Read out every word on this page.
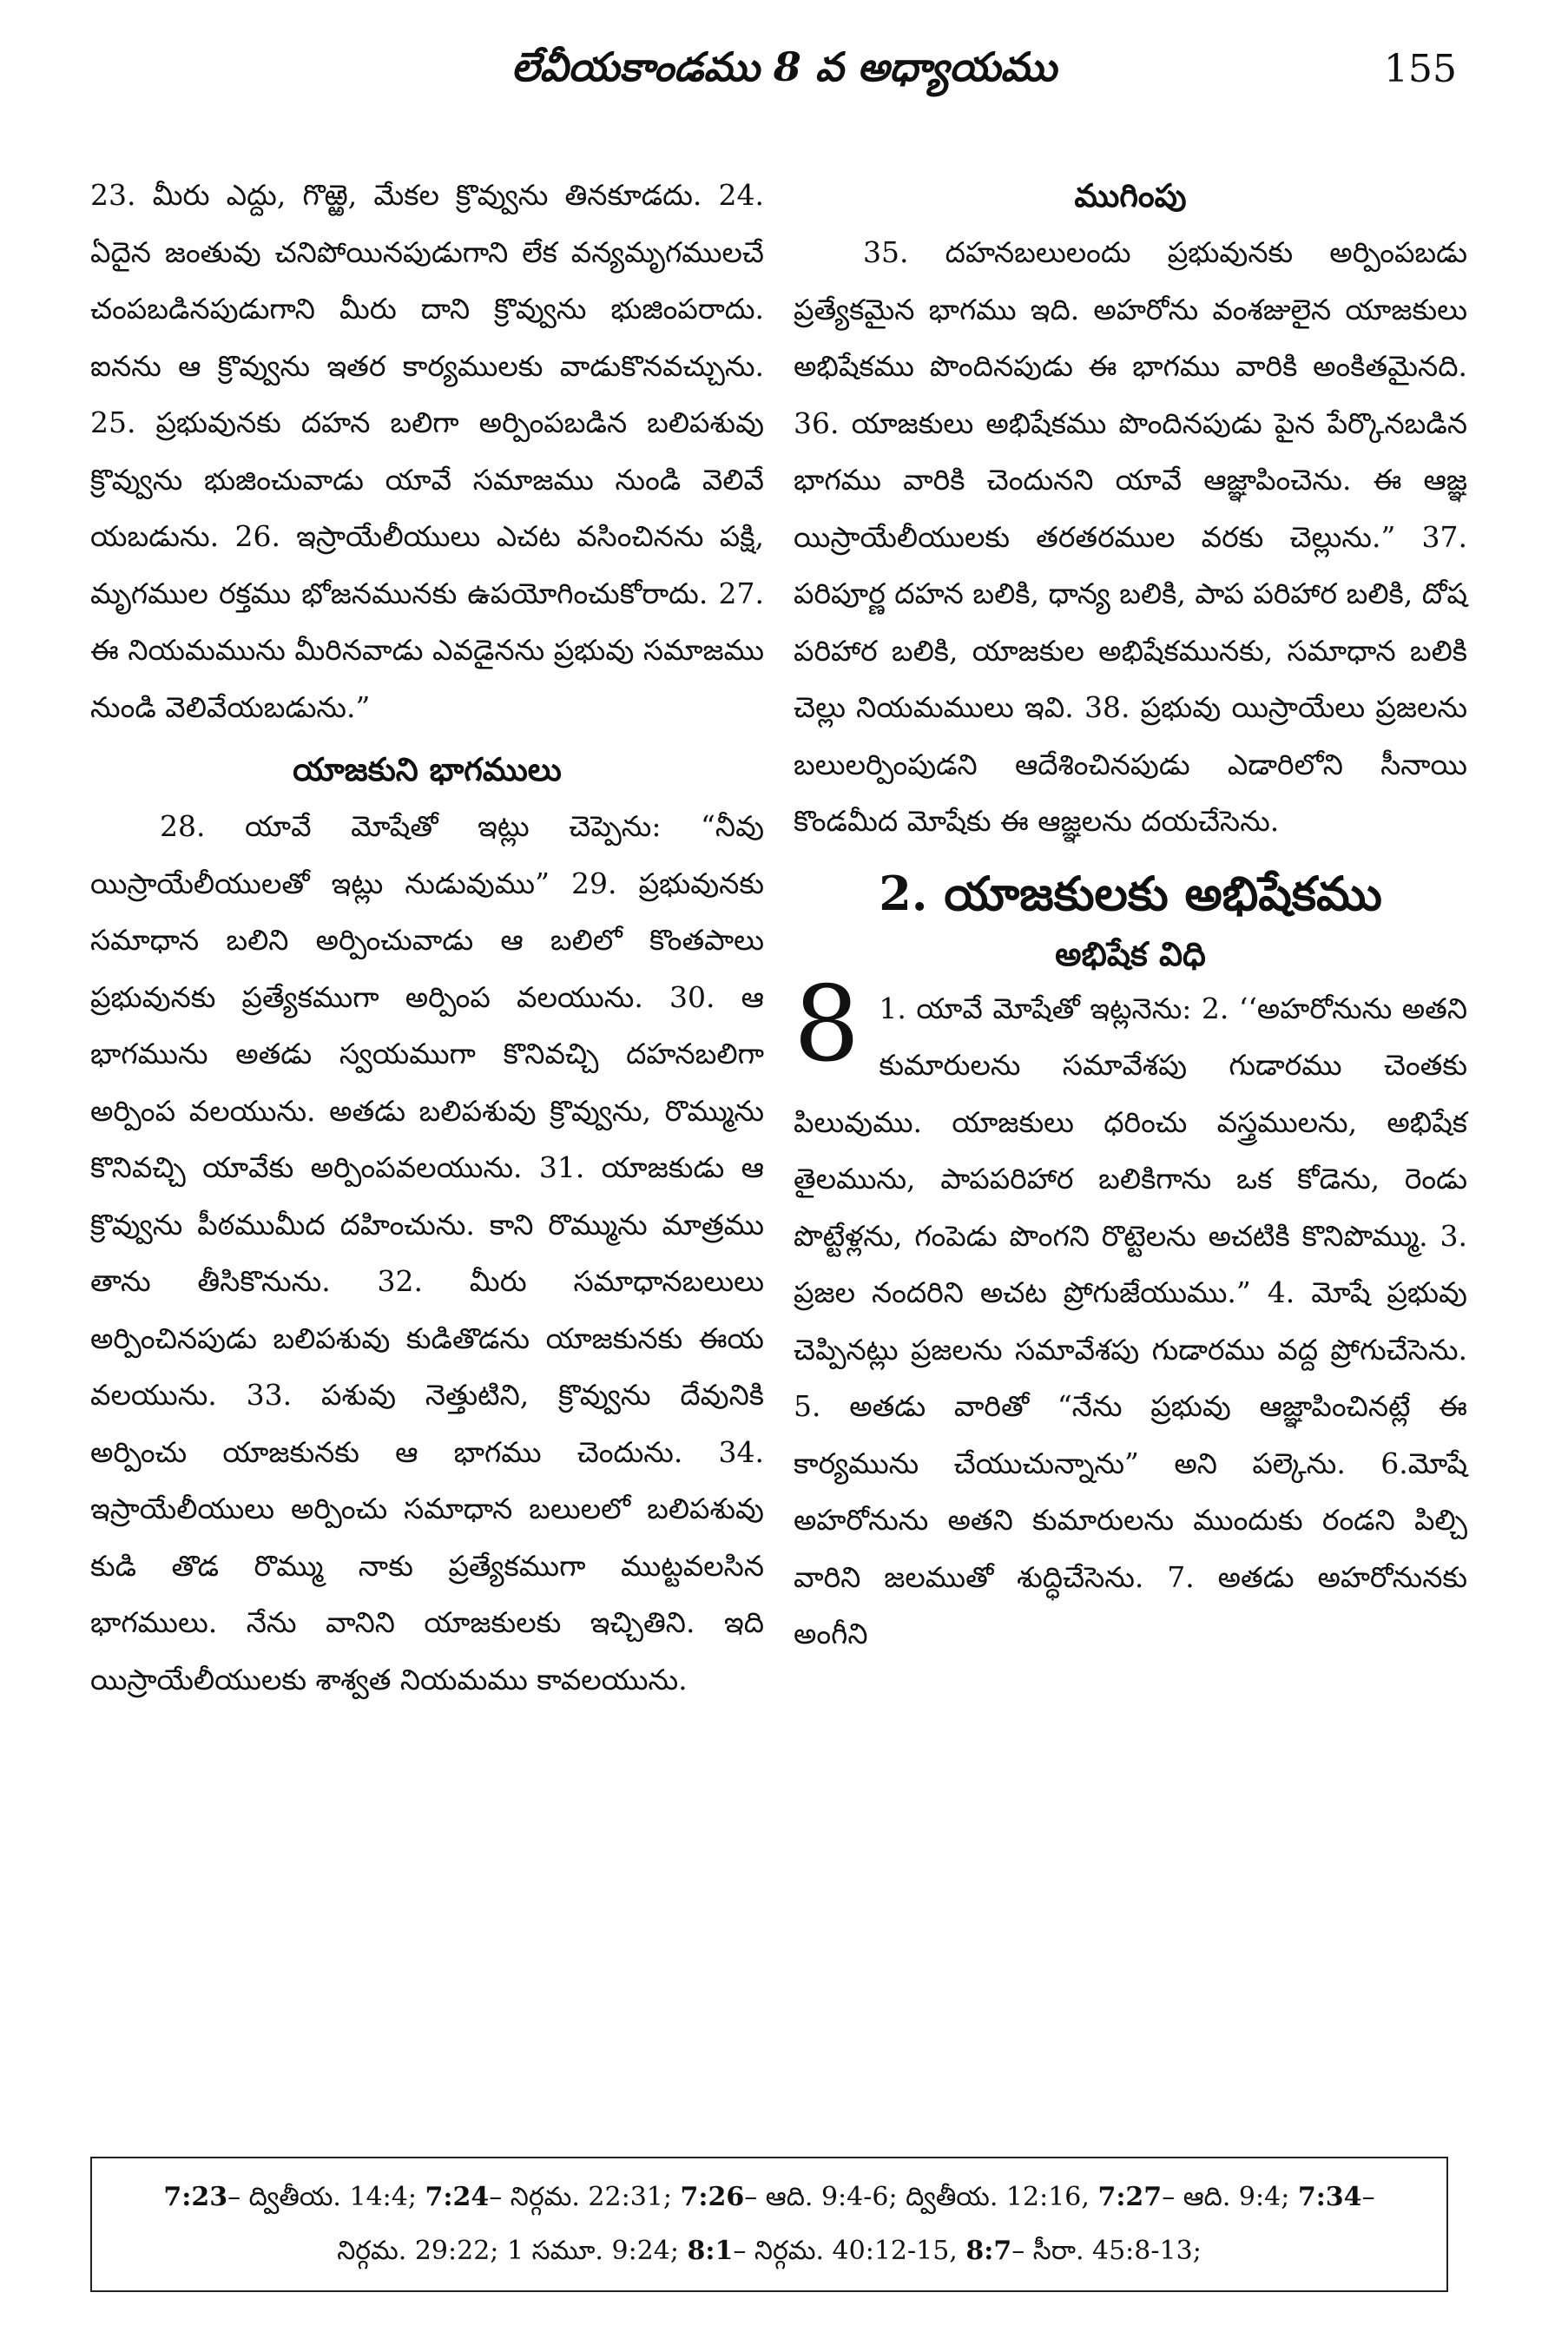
లేవీయకాండము 8 వ అధ్యాయము	155

23. మీరు ఎద్దు, గొఱ్ఱె, మేకల క్రొవ్వును తినకూడదు. 24. ఏదైన జంతువు చనిపోయినపుడుగాని లేక వన్యమృగములచే చంపబడినపుడుగాని మీరు దాని క్రొవ్వును భుజింపరాదు. ఐనను ఆ క్రొవ్వును ఇతర కార్యములకు వాడుకొనవచ్చును. 25. ప్రభువునకు దహన బలిగా అర్పింపబడిన బలిపశువు క్రొవ్వును భుజించువాడు యావే సమాజము నుండి వెలివే యబడును. 26. ఇస్రాయేలీయులు ఎచట వసించినను పక్షి, మృగముల రక్తము భోజనమునకు ఉపయోగించుకోరాదు. 27. ఈ నియమమును మీరినవాడు ఎవడైనను ప్రభువు సమాజము నుండి వెలివేయబడును.”

యాజకుని భాగములు

28. యావే మోషేతో ఇట్లు చెప్పెను: “నీవు యిస్రాయేలీయులతో ఇట్లు నుడువుము” 29. ప్రభువునకు సమాధాన బలిని అర్పించువాడు ఆ బలిలో కొంతపాలు ప్రభువునకు ప్రత్యేకముగా అర్పింప వలయును. 30. ఆ భాగమును అతడు స్వయముగా కొనివచ్చి దహనబలిగా అర్పింప వలయును. అతడు బలిపశువు క్రొవ్వును, రొమ్మును కొనివచ్చి యావేకు అర్పింపవలయును. 31. యాజకుడు ఆ క్రొవ్వును పీఠముమీద దహించును. కాని రొమ్మును మాత్రము తాను తీసికొనును. 32. మీరు సమాధానబలులు అర్పించినపుడు బలిపశువు కుడితొడను యాజకునకు ఈయ వలయును. 33. పశువు నెత్తుటిని, క్రొవ్వును దేవునికి అర్పించు యాజకునకు ఆ భాగము చెందును. 34. ఇస్రాయేలీయులు అర్పించు సమాధాన బలులలో బలిపశువు కుడి తొడ రొమ్ము నాకు ప్రత్యేకముగా ముట్టవలసిన భాగములు. నేను వానిని యాజకులకు ఇచ్చితిని. ఇది యిస్రాయేలీయులకు శాశ్వత నియమము కావలయును.

ముగింపు

35. దహనబలులందు ప్రభువునకు అర్పింపబడు ప్రత్యేకమైన భాగము ఇది. అహరోను వంశజులైన యాజకులు అభిషేకము పొందినపుడు ఈ భాగము వారికి అంకితమైనది. 36. యాజకులు అభిషేకము పొందినపుడు పైన పేర్కొనబడిన భాగము వారికి చెందునని యావే ఆజ్ఞాపించెను. ఈ ఆజ్ఞ యిస్రాయేలీయులకు తరతరముల వరకు చెల్లును.” 37. పరిపూర్ణ దహన బలికి, ధాన్య బలికి, పాప పరిహార బలికి, దోష పరిహార బలికి, యాజకుల అభిషేకమునకు, సమాధాన బలికి చెల్లు నియమములు ఇవి. 38. ప్రభువు యిస్రాయేలు ప్రజలను బలులర్పింపుడని ఆదేశించినపుడు ఎడారిలోని సీనాయి కొండమీద మోషేకు ఈ ఆజ్ఞలను దయచేసెను.

2. యాజకులకు అభిషేకము
అభిషేక విధి

8 1. యావే మోషేతో ఇట్లనెను: 2. ‘‘అహరోనును అతని కుమారులను సమావేశపు గుడారము చెంతకు పిలువుము. యాజకులు ధరించు వస్త్రములను, అభిషేక తైలమును, పాపపరిహార బలికిగాను ఒక కోడెను, రెండు పొట్టేళ్లను, గంపెడు పొంగని రొట్టెలను అచటికి కొనిపొమ్ము. 3. ప్రజల నందరిని అచట ప్రోగుజేయుము.” 4. మోషే ప్రభువు చెప్పినట్లు ప్రజలను సమావేశపు గుడారము వద్ద ప్రోగుచేసెను. 5. అతడు వారితో “నేను ప్రభువు ఆజ్ఞాపించినట్లే ఈ కార్యమును చేయుచున్నాను” అని పల్కెను. 6.మోషే అహరోనును అతని కుమారులను ముందుకు రండని పిల్చి వారిని జలముతో శుద్ధిచేసెను. 7. అతడు అహరోనునకు అంగీని

7:23– ద్వితీయ. 14:4; 7:24– నిర్గమ. 22:31; 7:26– ఆది. 9:4-6; ద్వితీయ. 12:16, 7:27– ఆది. 9:4; 7:34– నిర్గమ. 29:22; 1 సమూ. 9:24; 8:1– నిర్గమ. 40:12-15, 8:7– సీరా. 45:8-13;
